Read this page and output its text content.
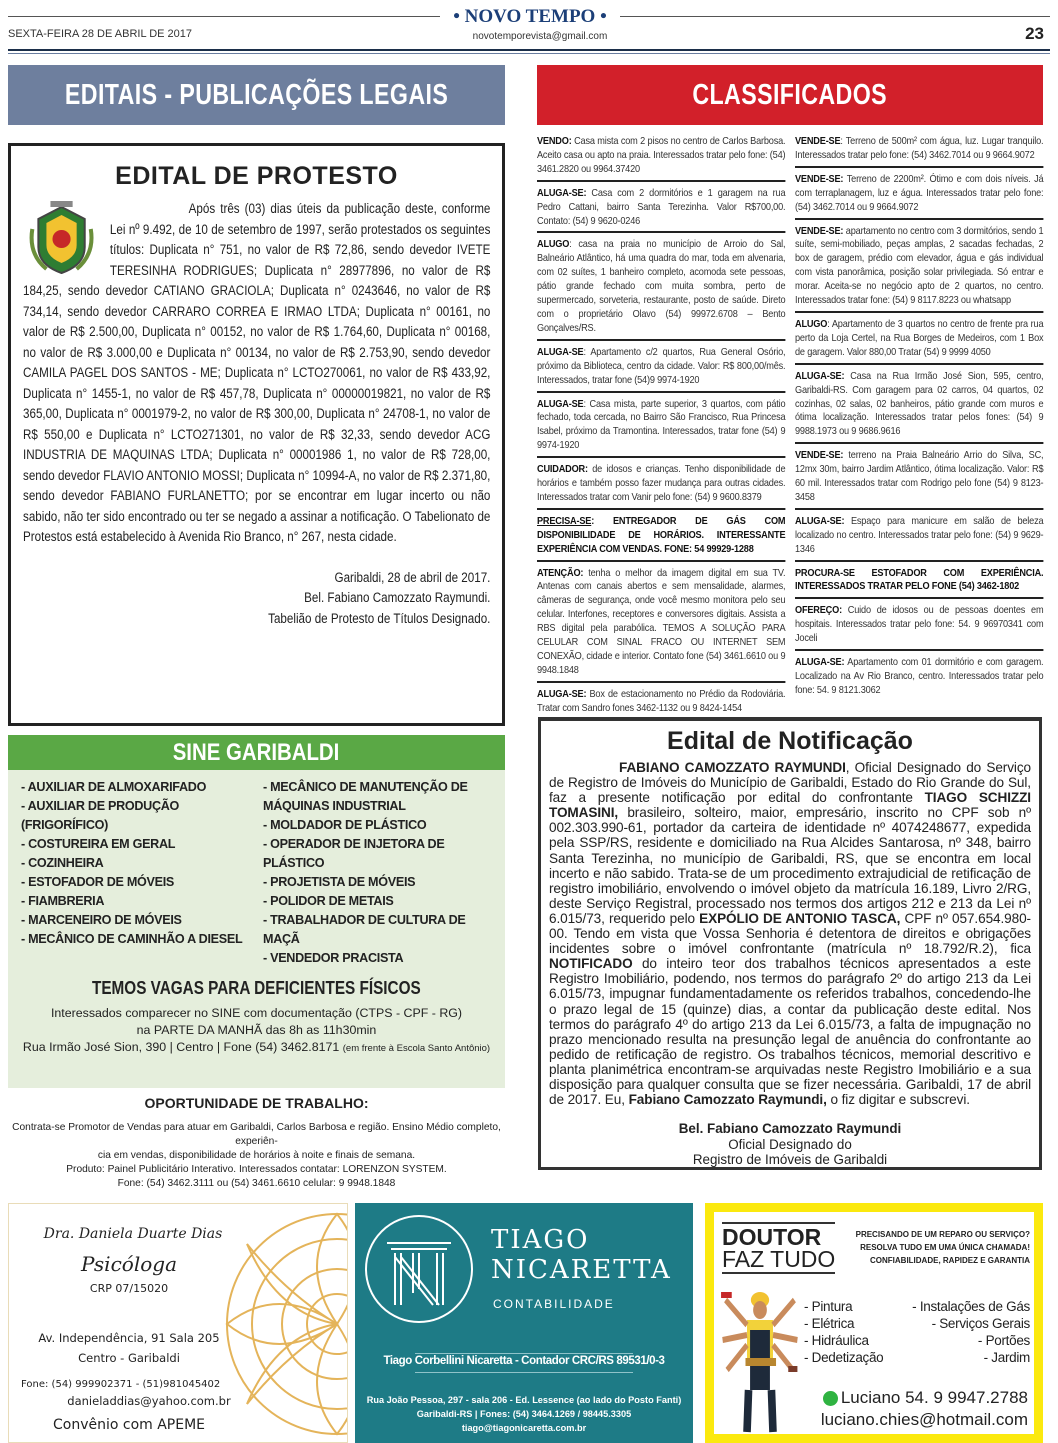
• NOVO TEMPO •
SEXTA-FEIRA 28 DE ABRIL DE 2017	novotemporevista@gmail.com	23
EDITAIS - PUBLICAÇÕES LEGAIS	CLASSIFICADOS
EDITAL DE PROTESTO

Após três (03) dias úteis da publicação deste, conforme Lei nº 9.492, de 10 de setembro de 1997, serão protestados os seguintes títulos: Duplicata n° 751, no valor de R$ 72,86, sendo devedor IVETE TERESINHA RODRIGUES; Duplicata n° 28977896, no valor de R$ 184,25, sendo devedor CATIANO GRACIOLA; Duplicata n° 0243646, no valor de R$ 734,14, sendo devedor CARRARO CORREA E IRMAO LTDA; Duplicata n° 00161, no valor de R$ 2.500,00, Duplicata n° 00152, no valor de R$ 1.764,60, Duplicata n° 00168, no valor de R$ 3.000,00 e Duplicata n° 00134, no valor de R$ 2.753,90, sendo devedor CAMILA PAGEL DOS SANTOS - ME; Duplicata n° LCTO270061, no valor de R$ 433,92, Duplicata n° 1455-1, no valor de R$ 457,78, Duplicata n° 00000019821, no valor de R$ 365,00, Duplicata n° 0001979-2, no valor de R$ 300,00, Duplicata n° 24708-1, no valor de R$ 550,00 e Duplicata n° LCTO271301, no valor de R$ 32,33, sendo devedor ACG INDUSTRIA DE MAQUINAS LTDA; Duplicata n° 00001986 1, no valor de R$ 728,00, sendo devedor FLAVIO ANTONIO MOSSI; Duplicata n° 10994-A, no valor de R$ 2.371,80, sendo devedor FABIANO FURLANETTO; por se encontrar em lugar incerto ou não sabido, não ter sido encontrado ou ter se negado a assinar a notificação. O Tabelionato de Protestos está estabelecido à Avenida Rio Branco, n° 267, nesta cidade.

Garibaldi, 28 de abril de 2017.
Bel. Fabiano Camozzato Raymundi.
Tabelião de Protesto de Títulos Designado.
SINE GARIBALDI
- AUXILIAR DE ALMOXARIFADO
- AUXILIAR DE PRODUÇÃO
(FRIGORÍFICO)
- COSTUREIRA EM GERAL
- COZINHEIRA
- ESTOFADOR DE MÓVEIS
- FIAMBRERIA
- MARCENEIRO DE MÓVEIS
- MECÂNICO DE CAMINHÃO A DIESEL
- MECÂNICO DE MANUTENÇÃO DE
MÁQUINAS INDUSTRIAL
- MOLDADOR DE PLÁSTICO
- OPERADOR DE INJETORA DE
PLÁSTICO
- PROJETISTA DE MÓVEIS
- POLIDOR DE METAIS
- TRABALHADOR DE CULTURA DE MAÇÃ
- VENDEDOR PRACISTA
TEMOS VAGAS PARA DEFICIENTES FÍSICOS
Interessados comparecer no SINE com documentação (CTPS - CPF - RG)
na PARTE DA MANHÃ das 8h as 11h30min
Rua Irmão José Sion, 390 | Centro | Fone (54) 3462.8171 (em frente à Escola Santo Antônio)
OPORTUNIDADE DE TRABALHO:
Contrata-se Promotor de Vendas para atuar em Garibaldi, Carlos Barbosa e região. Ensino Médio completo, experiên-
cia em vendas, disponibilidade de horários à noite e finais de semana.
Produto: Painel Publicitário Interativo. Interessados contatar: LORENZON SYSTEM.
Fone: (54) 3462.3111 ou (54) 3461.6610 celular: 9 9948.1848
VENDO: Casa mista com 2 pisos no centro de Carlos Barbosa. Aceito casa ou apto na praia. Interessados tratar pelo fone: (54) 3461.2820 ou 9964.37420
ALUGA-SE: Casa com 2 dormitórios e 1 garagem na rua Pedro Cattani, bairro Santa Terezinha. Valor R$700,00. Contato: (54) 9 9620-0246
ALUGO: casa na praia no município de Arroio do Sal, Balneário Atlântico, há uma quadra do mar, toda em alvenaria, com 02 suítes, 1 banheiro completo, acomoda sete pessoas, pátio grande fechado com muita sombra, perto de supermercado, sorveteria, restaurante, posto de saúde. Direto com o proprietário Olavo (54) 99972.6708 – Bento Gonçalves/RS.
ALUGA-SE: Apartamento c/2 quartos, Rua General Osório, próximo da Biblioteca, centro da cidade. Valor: R$ 800,00/mês. Interessados, tratar fone (54)9 9974-1920
ALUGA-SE: Casa mista, parte superior, 3 quartos, com pátio fechado, toda cercada, no Bairro São Francisco, Rua Princesa Isabel, próximo da Tramontina. Interessados, tratar fone (54) 9 9974-1920
CUIDADOR: de idosos e crianças. Tenho disponibilidade de horários e também posso fazer mudança para outras cidades. Interessados tratar com Vanir pelo fone: (54) 9 9600.8379
PRECISA-SE: ENTREGADOR DE GÁS COM DISPONIBILIDADE DE HORÁRIOS. INTERESSANTE EXPERIÊNCIA COM VENDAS. FONE: 54 99929-1288
ATENÇÃO: tenha o melhor da imagem digital em sua TV. Antenas com canais abertos e sem mensalidade, alarmes, câmeras de segurança, onde você mesmo monitora pelo seu celular. Interfones, receptores e conversores digitais. Assista a RBS digital pela parabólica. TEMOS A SOLUÇÃO PARA CELULAR COM SINAL FRACO OU INTERNET SEM CONEXÃO, cidade e interior. Contato fone (54) 3461.6610 ou 9 9948.1848
ALUGA-SE: Box de estacionamento no Prédio da Rodoviária. Tratar com Sandro fones 3462-1132 ou 9 8424-1454
VENDE-SE: Terreno de 500m² com água, luz. Lugar tranquilo. Interessados tratar pelo fone: (54) 3462.7014 ou 9 9664.9072
VENDE-SE: Terreno de 2200m². Ótimo e com dois níveis. Já com terraplanagem, luz e água. Interessados tratar pelo fone: (54) 3462.7014 ou 9 9664.9072
VENDE-SE: apartamento no centro com 3 dormitórios, sendo 1 suíte, semi-mobiliado, peças amplas, 2 sacadas fechadas, 2 box de garagem, prédio com elevador, água e gás individual com vista panorâmica, posição solar privilegiada. Só entrar e morar. Aceita-se no negócio apto de 2 quartos, no centro. Interessados tratar fone: (54) 9 8117.8223 ou whatsapp
ALUGO: Apartamento de 3 quartos no centro de frente pra rua perto da Loja Certel, na Rua Borges de Medeiros, com 1 Box de garagem. Valor 880,00 Tratar (54) 9 9999 4050
ALUGA-SE: Casa na Rua Irmão José Sion, 595, centro, Garibaldi-RS. Com garagem para 02 carros, 04 quartos, 02 cozinhas, 02 salas, 02 banheiros, pátio grande com muros e ótima localização. Interessados tratar pelos fones: (54) 9 9988.1973 ou 9 9686.9616
VENDE-SE: terreno na Praia Balneário Arrio do Silva, SC, 12mx 30m, bairro Jardim Atlântico, ótima localização. Valor: R$ 60 mil. Interessados tratar com Rodrigo pelo fone (54) 9 8123-3458
ALUGA-SE: Espaço para manicure em salão de beleza localizado no centro. Interessados tratar pelo fone: (54) 9 9629-1346
PROCURA-SE ESTOFADOR COM EXPERIÊNCIA. INTERESSADOS TRATAR PELO FONE (54) 3462-1802
OFEREÇO: Cuido de idosos ou de pessoas doentes em hospitais. Interessados tratar pelo fone: 54. 9 96970341 com Joceli
ALUGA-SE: Apartamento com 01 dormitório e com garagem. Localizado na Av Rio Branco, centro. Interessados tratar pelo fone: 54. 9 8121.3062
Edital de Notificação

FABIANO CAMOZZATO RAYMUNDI, Oficial Designado do Serviço de Registro de Imóveis do Município de Garibaldi, Estado do Rio Grande do Sul, faz a presente notificação por edital do confrontante TIAGO SCHIZZI TOMASINI, brasileiro, solteiro, maior, empresário, inscrito no CPF sob nº 002.303.990-61, portador da carteira de identidade nº 4074248677, expedida pela SSP/RS, residente e domiciliado na Rua Alcides Santarosa, nº 348, bairro Santa Terezinha, no município de Garibaldi, RS, que se encontra em local incerto e não sabido. Trata-se de um procedimento extrajudicial de retificação de registro imobiliário, envolvendo o imóvel objeto da matrícula 16.189, Livro 2/RG, deste Serviço Registral, processado nos termos dos artigos 212 e 213 da Lei nº 6.015/73, requerido pelo EXPÓLIO DE ANTONIO TASCA, CPF nº 057.654.980-00. Tendo em vista que Vossa Senhoria é detentora de direitos e obrigações incidentes sobre o imóvel confrontante (matrícula nº 18.792/R.2), fica NOTIFICADO do inteiro teor dos trabalhos técnicos apresentados a este Registro Imobiliário, podendo, nos termos do parágrafo 2º do artigo 213 da Lei 6.015/73, impugnar fundamentadamente os referidos trabalhos, concedendo-lhe o prazo legal de 15 (quinze) dias, a contar da publicação deste edital. Nos termos do parágrafo 4º do artigo 213 da Lei 6.015/73, a falta de impugnação no prazo mencionado resulta na presunção legal de anuência do confrontante ao pedido de retificação de registro. Os trabalhos técnicos, memorial descritivo e planta planimétrica encontram-se arquivadas neste Registro Imobiliário e a sua disposição para qualquer consulta que se fizer necessária. Garibaldi, 17 de abril de 2017. Eu, Fabiano Camozzato Raymundi, o fiz digitar e subscrevi.

Bel. Fabiano Camozzato Raymundi
Oficial Designado do
Registro de Imóveis de Garibaldi
Dra. Daniela Duarte Dias
Psicóloga
CRP 07/15020
Av. Independência, 91 Sala 205
Centro - Garibaldi
Fone: (54) 999902371 - (51)981045402
danieladdias@yahoo.com.br
Convênio com APEME
TIAGO
NICARETTA
CONTABILIDADE
Tiago Corbellini Nicaretta - Contador CRC/RS 89531/0-3
Rua João Pessoa, 297 - sala 206 - Ed. Lessence (ao lado do Posto Fanti)
Garibaldi-RS | Fones: (54) 3464.1269 / 98445.3305
tiago@tiagonicaretta.com.br
DOUTOR
FAZ TUDO
PRECISANDO DE UM REPARO OU SERVIÇO?
RESOLVA TUDO EM UMA ÚNICA CHAMADA!
CONFIABILIDADE, RAPIDEZ E GARANTIA
- Pintura
- Elétrica
- Hidráulica
- Dedetização
- Instalações de Gás
- Serviços Gerais
- Portões
- Jardim
Luciano 54. 9 9947.2788
luciano.chies@hotmail.com
